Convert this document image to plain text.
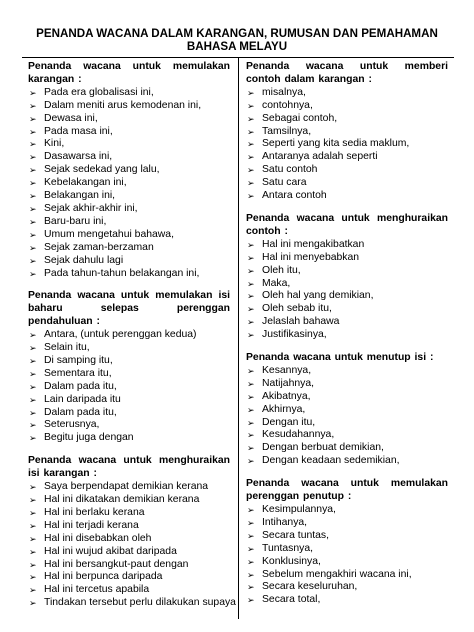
PENANDA WACANA DALAM KARANGAN, RUMUSAN DAN PEMAHAMAN
BAHASA MELAYU

Penanda wacana untuk memulakan karangan :

➢
Pada era globalisasi ini,
➢
Dalam meniti arus kemodenan ini,
➢
Dewasa ini,
➢
Pada masa ini,
➢
Kini,
➢
Dasawarsa ini,
➢
Sejak sedekad yang lalu,
➢
Kebelakangan ini,
➢
Belakangan ini,
➢
Sejak akhir-akhir ini,
➢
Baru-baru ini,
➢
Umum mengetahui bahawa,
➢
Sejak zaman-berzaman
➢
Sejak dahulu lagi
➢
Pada tahun-tahun belakangan ini,

Penanda wacana untuk memulakan isi baharu selepas perenggan pendahuluan :

➢
Antara, (untuk perenggan kedua)
➢
Selain itu,
➢
Di samping itu,
➢
Sementara itu,
➢
Dalam pada itu,
➢
Lain daripada itu
➢
Dalam pada itu,
➢
Seterusnya,
➢
Begitu juga dengan

Penanda wacana untuk menghuraikan isi karangan :

➢
Saya berpendapat demikian kerana
➢
Hal ini dikatakan demikian kerana
➢
Hal ini berlaku kerana
➢
Hal ini terjadi kerana
➢
Hal ini disebabkan oleh
➢
Hal ini wujud akibat daripada
➢
Hal ini bersangkut-paut dengan
➢
Hal ini berpunca daripada
➢
Hal ini tercetus apabila
➢
Tindakan tersebut perlu dilakukan supaya

Penanda wacana untuk memberi contoh dalam karangan :

➢
misalnya,
➢
contohnya,
➢
Sebagai contoh,
➢
Tamsilnya,
➢
Seperti yang kita sedia maklum,
➢
Antaranya adalah seperti
➢
Satu contoh
➢
Satu cara
➢
Antara contoh

Penanda wacana untuk menghuraikan contoh :

➢
Hal ini mengakibatkan
➢
Hal ini menyebabkan
➢
Oleh itu,
➢
Maka,
➢
Oleh hal yang demikian,
➢
Oleh sebab itu,
➢
Jelaslah bahawa
➢
Justifikasinya,

Penanda wacana untuk menutup isi :

➢
Kesannya,
➢
Natijahnya,
➢
Akibatnya,
➢
Akhirnya,
➢
Dengan itu,
➢
Kesudahannya,
➢
Dengan berbuat demikian,
➢
Dengan keadaan sedemikian,

Penanda wacana untuk memulakan perenggan penutup :

➢
Kesimpulannya,
➢
Intihanya,
➢
Secara tuntas,
➢
Tuntasnya,
➢
Konklusinya,
➢
Sebelum mengakhiri wacana ini,
➢
Secara keseluruhan,
➢
Secara total,
